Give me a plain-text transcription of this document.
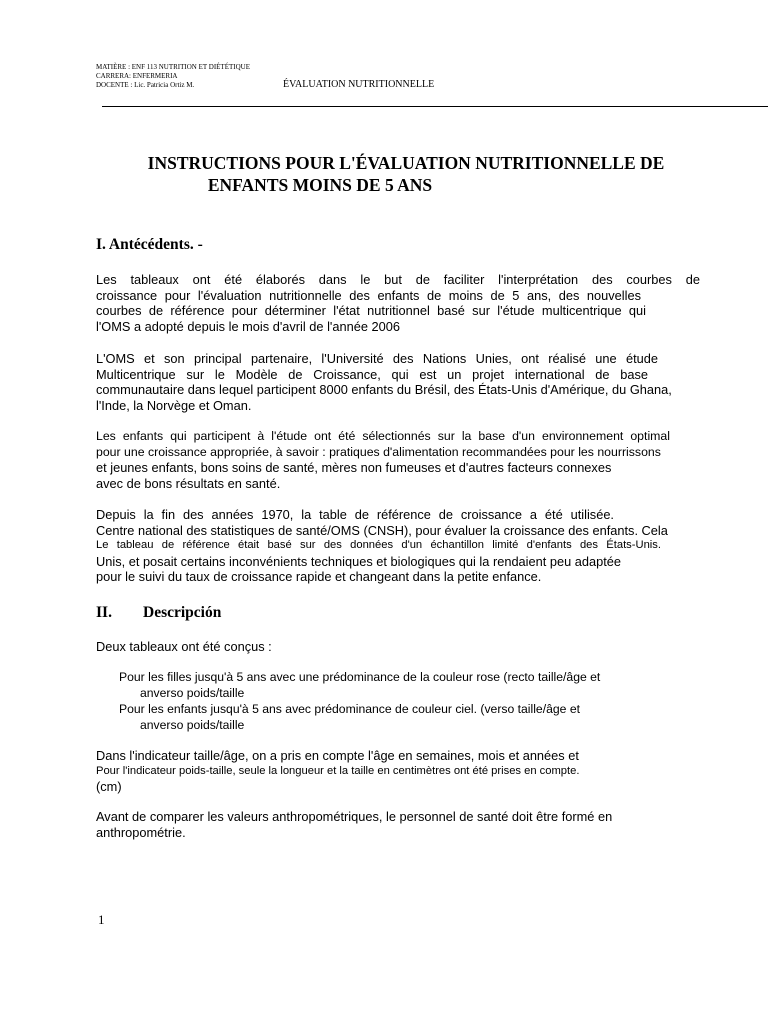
MATIÈRE : ENF 113 NUTRITION ET DIÉTÉTIQUE
CARRERA: ENFERMERIA
DOCENTE : Lic. Patricia Ortiz M.	ÉVALUATION NUTRITIONNELLE
INSTRUCTIONS POUR L'ÉVALUATION NUTRITIONNELLE DE
ENFANTS MOINS DE 5 ANS
I. Antécédents. -
Les tableaux ont été élaborés dans le but de faciliter l'interprétation des courbes de
croissance pour l'évaluation nutritionnelle des enfants de moins de 5 ans, des nouvelles
courbes de référence pour déterminer l'état nutritionnel basé sur l'étude multicentrique qui
l'OMS a adopté depuis le mois d'avril de l'année 2006
L'OMS et son principal partenaire, l'Université des Nations Unies, ont réalisé une étude
Multicentrique sur le Modèle de Croissance, qui est un projet international de base
communautaire dans lequel participent 8000 enfants du Brésil, des États-Unis d'Amérique, du Ghana,
l'Inde, la Norvège et Oman.
Les enfants qui participent à l'étude ont été sélectionnés sur la base d'un environnement optimal
pour une croissance appropriée, à savoir : pratiques d'alimentation recommandées pour les nourrissons
et jeunes enfants, bons soins de santé, mères non fumeuses et d'autres facteurs connexes
avec de bons résultats en santé.
Depuis la fin des années 1970, la table de référence de croissance a été utilisée.
Centre national des statistiques de santé/OMS (CNSH), pour évaluer la croissance des enfants. Cela
Le tableau de référence était basé sur des données d'un échantillon limité d'enfants des États-Unis.
Unis, et posait certains inconvénients techniques et biologiques qui la rendaient peu adaptée
pour le suivi du taux de croissance rapide et changeant dans la petite enfance.
II. Descripción
Deux tableaux ont été conçus :
Pour les filles jusqu'à 5 ans avec une prédominance de la couleur rose (recto taille/âge et
anverso poids/taille
Pour les enfants jusqu'à 5 ans avec prédominance de couleur ciel. (verso taille/âge et
anverso poids/taille
Dans l'indicateur taille/âge, on a pris en compte l'âge en semaines, mois et années et
Pour l'indicateur poids-taille, seule la longueur et la taille en centimètres ont été prises en compte.
(cm)
Avant de comparer les valeurs anthropométriques, le personnel de santé doit être formé en
anthropométrie.
1
